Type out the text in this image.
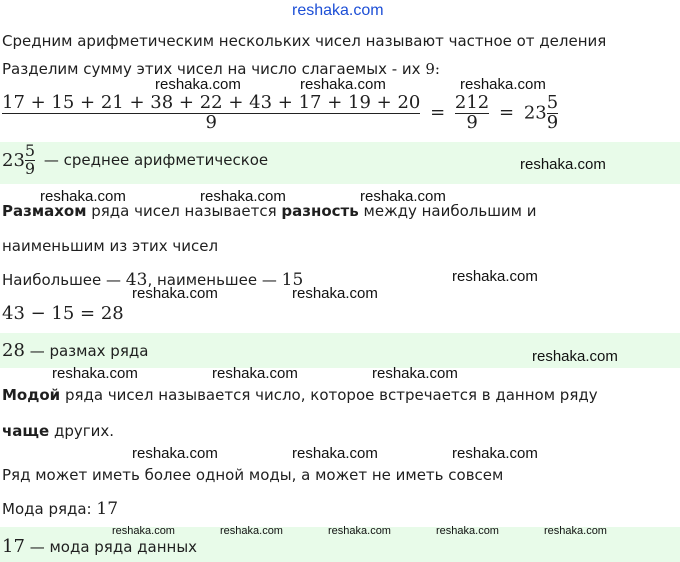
reshaka.com
reshaka.com	reshaka.com	reshaka.com
reshaka.com
reshaka.com	reshaka.com	reshaka.com
reshaka.com
reshaka.com	reshaka.com
reshaka.com
reshaka.com	reshaka.com	reshaka.com
reshaka.com	reshaka.com	reshaka.com
reshaka.com	reshaka.com	reshaka.com	reshaka.com	reshaka.com
Средним арифметическим нескольких чисел называют частное от деления
Разделим сумму этих чисел на число слагаемых - их 9:
$\frac{17 + 15 + 21 + 38 + 22 + 43 + 17 + 19 + 20}{9} = \frac{212}{9} = 23 \frac{5}{9}$
$23 \frac{5}{9}$ — среднее арифметическое
Размахом ряда чисел называется разность между наибольшим и
наименьшим из этих чисел
Наибольшее — 43, наименьшее — 15
43 − 15 = 28
28 — размах ряда
Модой ряда чисел называется число, которое встречается в данном ряду
чаще других.
Ряд может иметь более одной моды, а может не иметь совсем
Мода ряда: 17
17 — мода ряда данных
